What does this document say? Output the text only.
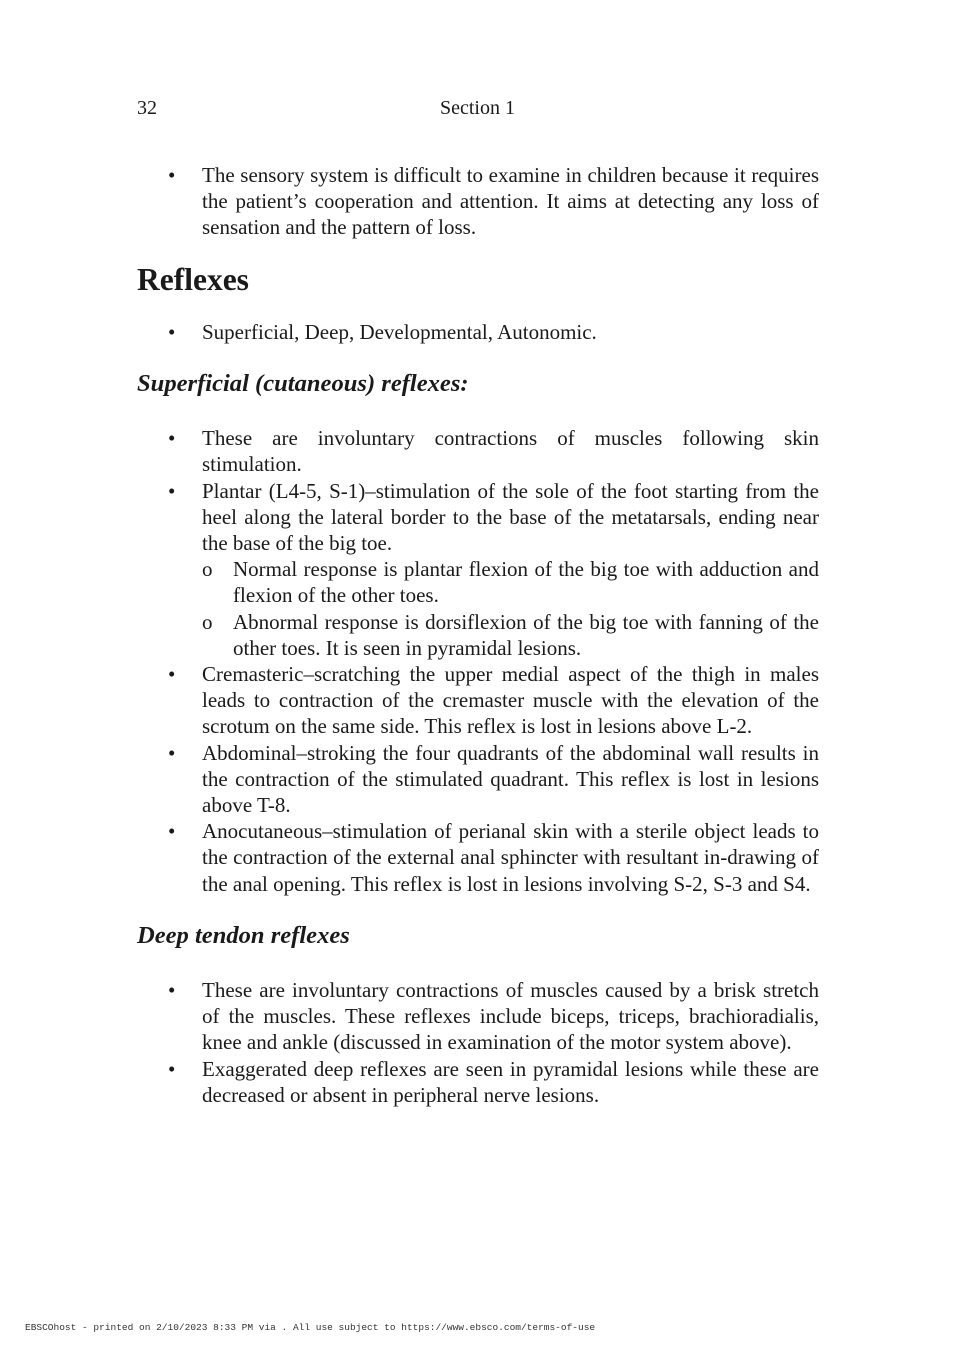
32	Section 1
• The sensory system is difficult to examine in children because it requires the patient’s cooperation and attention. It aims at detecting any loss of sensation and the pattern of loss.
Reflexes
• Superficial, Deep, Developmental, Autonomic.
Superficial (cutaneous) reflexes:
• These are involuntary contractions of muscles following skin stimulation.
• Plantar (L4-5, S-1)–stimulation of the sole of the foot starting from the heel along the lateral border to the base of the metatarsals, ending near the base of the big toe.
o Normal response is plantar flexion of the big toe with adduction and flexion of the other toes.
o Abnormal response is dorsiflexion of the big toe with fanning of the other toes. It is seen in pyramidal lesions.
• Cremasteric–scratching the upper medial aspect of the thigh in males leads to contraction of the cremaster muscle with the elevation of the scrotum on the same side. This reflex is lost in lesions above L-2.
• Abdominal–stroking the four quadrants of the abdominal wall results in the contraction of the stimulated quadrant. This reflex is lost in lesions above T-8.
• Anocutaneous–stimulation of perianal skin with a sterile object leads to the contraction of the external anal sphincter with resultant in-drawing of the anal opening. This reflex is lost in lesions involving S-2, S-3 and S4.
Deep tendon reflexes
• These are involuntary contractions of muscles caused by a brisk stretch of the muscles. These reflexes include biceps, triceps, brachioradialis, knee and ankle (discussed in examination of the motor system above).
• Exaggerated deep reflexes are seen in pyramidal lesions while these are decreased or absent in peripheral nerve lesions.
EBSCOhost - printed on 2/10/2023 8:33 PM via . All use subject to https://www.ebsco.com/terms-of-use
